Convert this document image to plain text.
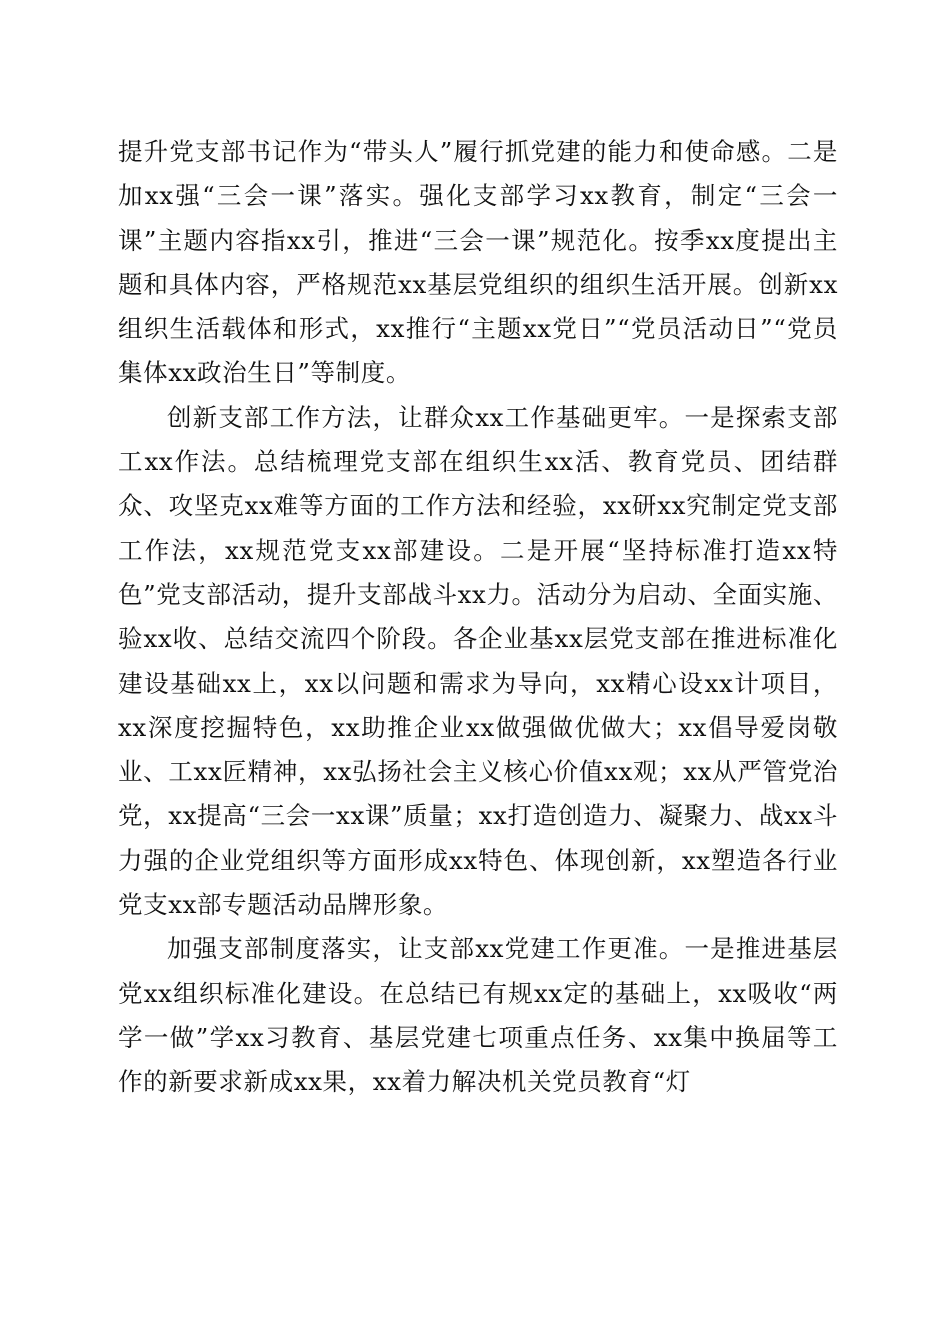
提升党支部书记作为“带头人”履行抓党建的能力和使命感。二是加xx强“三会一课”落实。强化支部学习xx教育，制定“三会一课”主题内容指xx引，推进“三会一课”规范化。按季xx度提出主题和具体内容，严格规范xx基层党组织的组织生活开展。创新xx组织生活载体和形式，xx推行“主题xx党日”“党员活动日”“党员集体xx政治生日”等制度。

创新支部工作方法，让群众xx工作基础更牢。一是探索支部工xx作法。总结梳理党支部在组织生xx活、教育党员、团结群众、攻坚克xx难等方面的工作方法和经验，xx研xx究制定党支部工作法，xx规范党支xx部建设。二是开展“坚持标准打造xx特色”党支部活动，提升支部战斗xx力。活动分为启动、全面实施、验xx收、总结交流四个阶段。各企业基xx层党支部在推进标准化建设基础xx上，xx以问题和需求为导向，xx精心设xx计项目，xx深度挖掘特色，xx助推企业xx做强做优做大；xx倡导爱岗敬业、工xx匠精神，xx弘扬社会主义核心价值xx观；xx从严管党治党，xx提高“三会一xx课”质量；xx打造创造力、凝聚力、战xx斗力强的企业党组织等方面形成xx特色、体现创新，xx塑造各行业党支xx部专题活动品牌形象。

加强支部制度落实，让支部xx党建工作更准。一是推进基层党xx组织标准化建设。在总结已有规xx定的基础上，xx吸收“两学一做”学xx习教育、基层党建七项重点任务、xx集中换届等工作的新要求新成xx果，xx着力解决机关党员教育“灯
